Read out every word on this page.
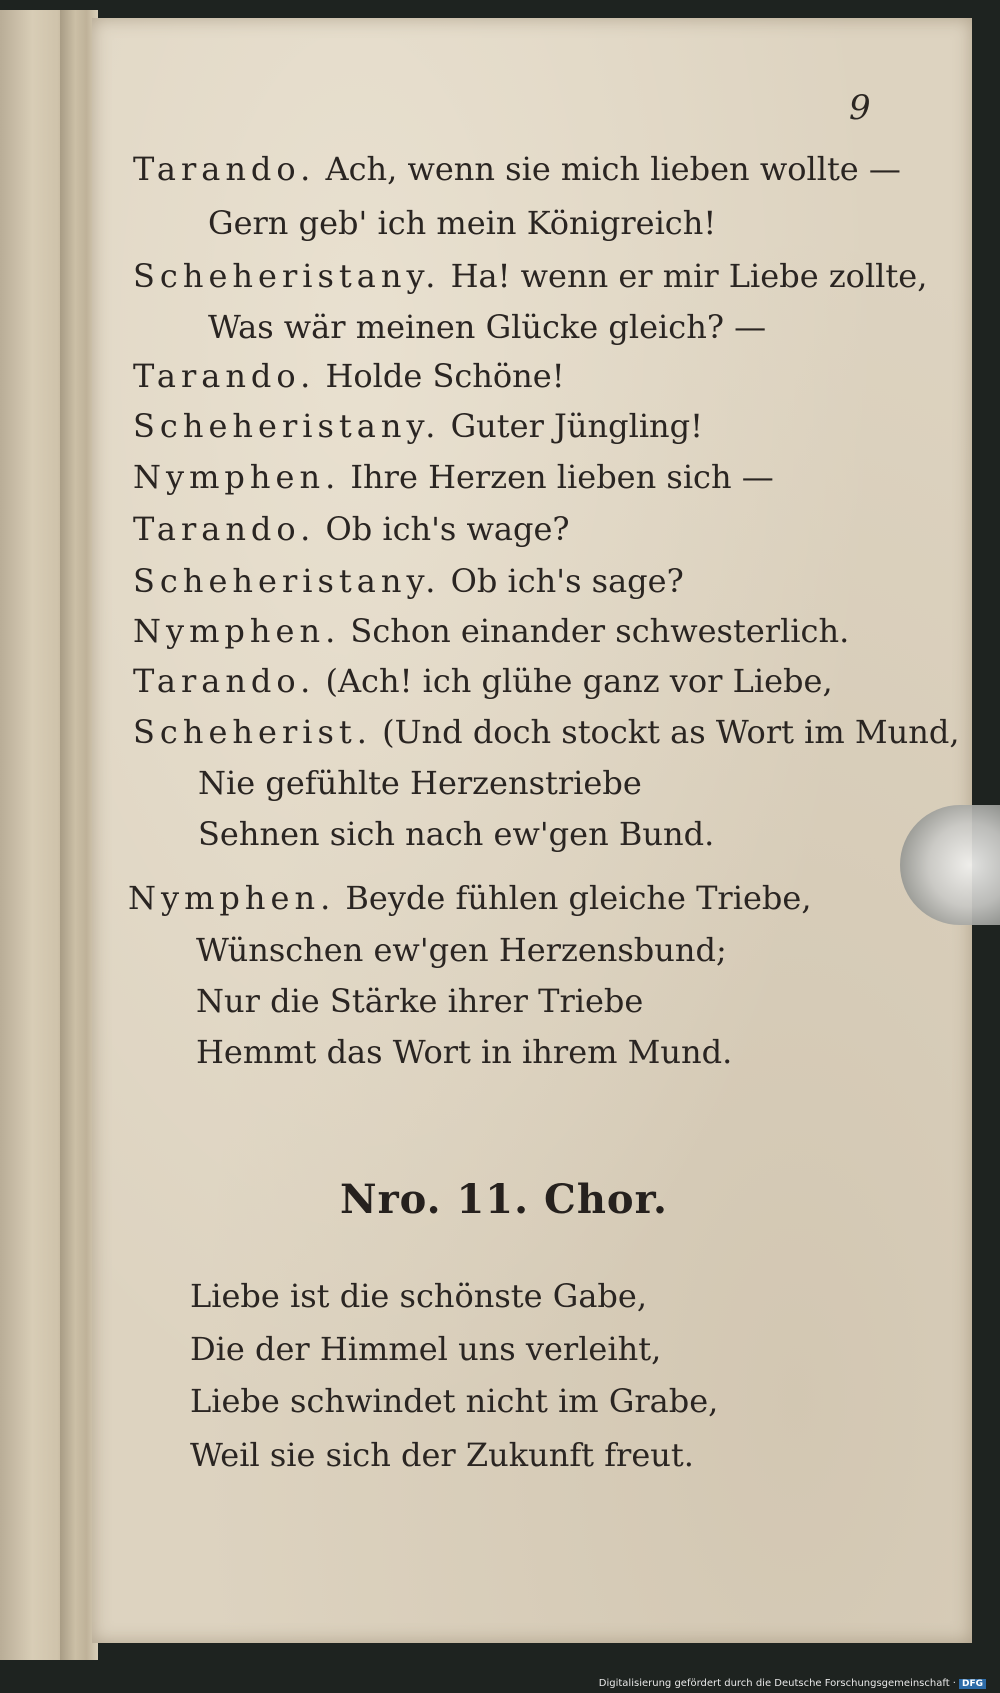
9
Tarando. Ach, wenn sie mich lieben wollte —
Gern geb' ich mein Königreich!
Scheheristany. Ha! wenn er mir Liebe zollte,
Was wär meinen Glücke gleich? —
Tarando. Holde Schöne!
Scheheristany. Guter Jüngling!
Nymphen. Ihre Herzen lieben sich —
Tarando. Ob ich's wage?
Scheheristany. Ob ich's sage?
Nymphen. Schon einander schwesterlich.
Tarando. (Ach! ich glühe ganz vor Liebe,
Scheherist. (Und doch stockt as Wort im Mund,
Nie gefühlte Herzenstriebe
Sehnen sich nach ew'gen Bund.
Nymphen. Beyde fühlen gleiche Triebe,
Wünschen ew'gen Herzensbund;
Nur die Stärke ihrer Triebe
Hemmt das Wort in ihrem Mund.
Nro. 11. Chor.
Liebe ist die schönste Gabe,
Die der Himmel uns verleiht,
Liebe schwindet nicht im Grabe,
Weil sie sich der Zukunft freut.
Digitalisierung gefördert durch die Deutsche Forschungsgemeinschaft · DFG
